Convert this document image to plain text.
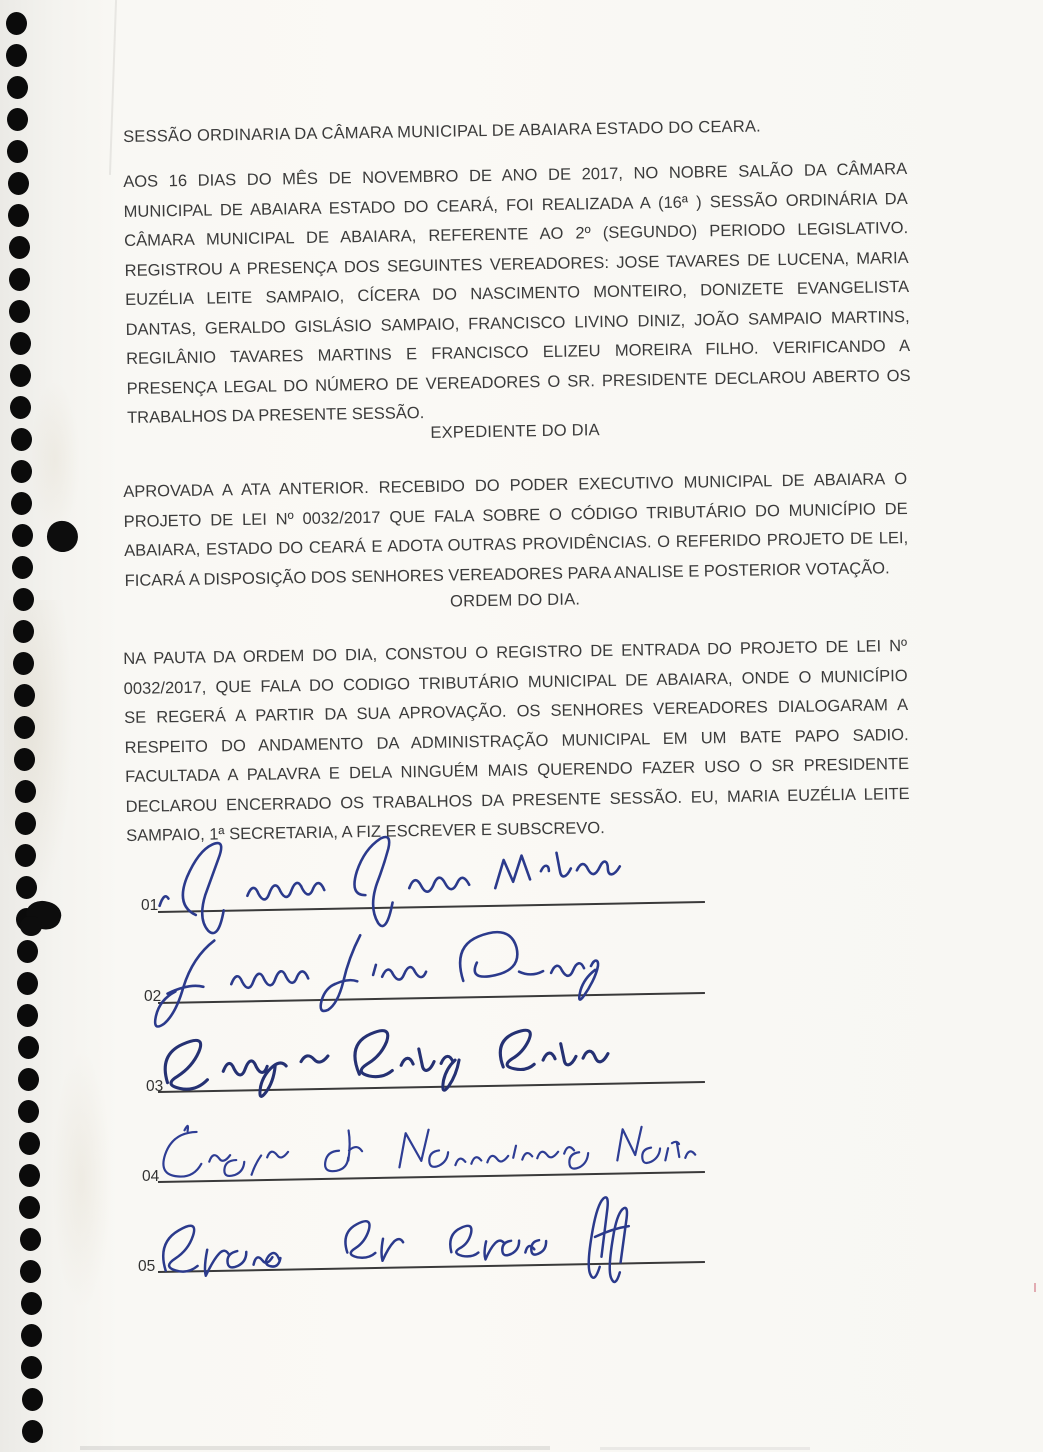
SESSÃO ORDINARIA DA CÂMARA MUNICIPAL DE ABAIARA ESTADO DO CEARA.
AOS 16 DIAS DO MÊS DE NOVEMBRO DE ANO DE 2017, NO NOBRE SALÃO DA CÂMARA
MUNICIPAL DE ABAIARA ESTADO DO CEARÁ, FOI REALIZADA A (16ª ) SESSÃO ORDINÁRIA DA
CÂMARA MUNICIPAL DE ABAIARA, REFERENTE AO 2º (SEGUNDO) PERIODO LEGISLATIVO.
REGISTROU A PRESENÇA DOS SEGUINTES VEREADORES: JOSE TAVARES DE LUCENA, MARIA
EUZÉLIA LEITE SAMPAIO, CÍCERA DO NASCIMENTO MONTEIRO, DONIZETE EVANGELISTA
DANTAS, GERALDO GISLÁSIO SAMPAIO, FRANCISCO LIVINO DINIZ, JOÃO SAMPAIO MARTINS,
REGILÂNIO TAVARES MARTINS E FRANCISCO ELIZEU MOREIRA FILHO. VERIFICANDO A
PRESENÇA LEGAL DO NÚMERO DE VEREADORES O SR. PRESIDENTE DECLAROU ABERTO OS
TRABALHOS DA PRESENTE SESSÃO.
EXPEDIENTE DO DIA
APROVADA A ATA ANTERIOR. RECEBIDO DO PODER EXECUTIVO MUNICIPAL DE ABAIARA O
PROJETO DE LEI Nº 0032/2017 QUE FALA SOBRE O CÓDIGO TRIBUTÁRIO DO MUNICÍPIO DE
ABAIARA, ESTADO DO CEARÁ E ADOTA OUTRAS PROVIDÊNCIAS. O REFERIDO PROJETO DE LEI,
FICARÁ A DISPOSIÇÃO DOS SENHORES VEREADORES PARA ANALISE E POSTERIOR VOTAÇÃO.
ORDEM DO DIA.
NA PAUTA DA ORDEM DO DIA, CONSTOU O REGISTRO DE ENTRADA DO PROJETO DE LEI Nº
0032/2017, QUE FALA DO CODIGO TRIBUTÁRIO MUNICIPAL DE ABAIARA, ONDE O MUNICÍPIO
SE REGERÁ A PARTIR DA SUA APROVAÇÃO. OS SENHORES VEREADORES DIALOGARAM A
RESPEITO DO ANDAMENTO DA ADMINISTRAÇÃO MUNICIPAL EM UM BATE PAPO SADIO.
FACULTADA A PALAVRA E DELA NINGUÉM MAIS QUERENDO FAZER USO O SR PRESIDENTE
DECLAROU ENCERRADO OS TRABALHOS DA PRESENTE SESSÃO. EU, MARIA EUZÉLIA LEITE
SAMPAIO, 1ª SECRETARIA, A FIZ ESCREVER E SUBSCREVO.
01
02
03
04
05
